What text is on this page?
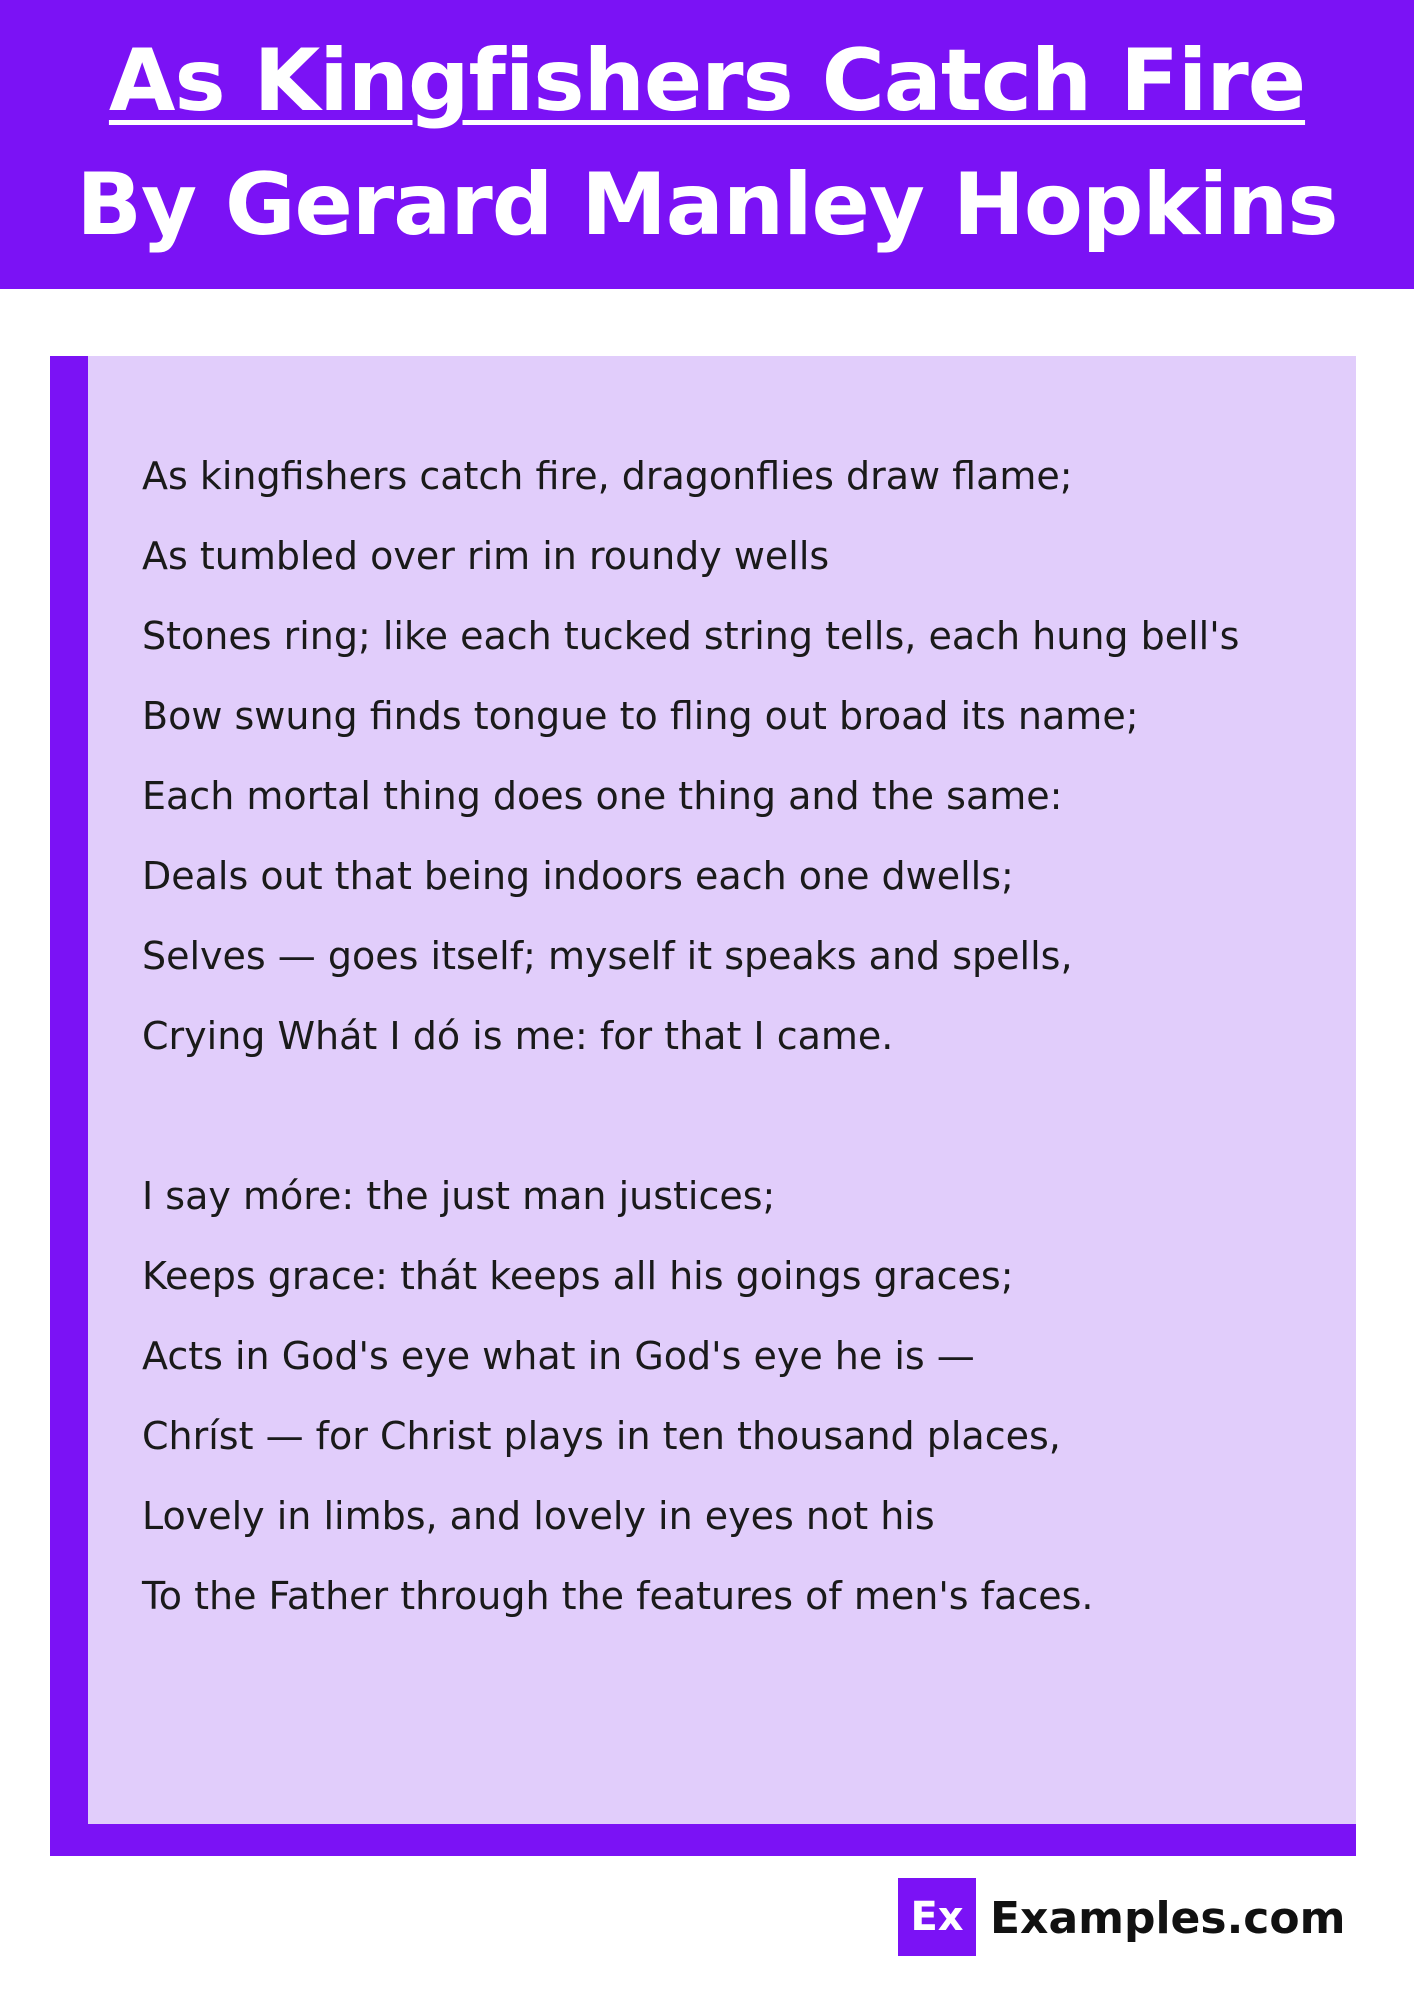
As Kingfishers Catch Fire
By Gerard Manley Hopkins
As kingfishers catch fire, dragonflies draw flame;
As tumbled over rim in roundy wells
Stones ring; like each tucked string tells, each hung bell's
Bow swung finds tongue to fling out broad its name;
Each mortal thing does one thing and the same:
Deals out that being indoors each one dwells;
Selves — goes itself; myself it speaks and spells,
Crying Whát I dó is me: for that I came.
I say móre: the just man justices;
Keeps grace: thát keeps all his goings graces;
Acts in God's eye what in God's eye he is —
Chríst — for Christ plays in ten thousand places,
Lovely in limbs, and lovely in eyes not his
To the Father through the features of men's faces.
Ex Examples.com
